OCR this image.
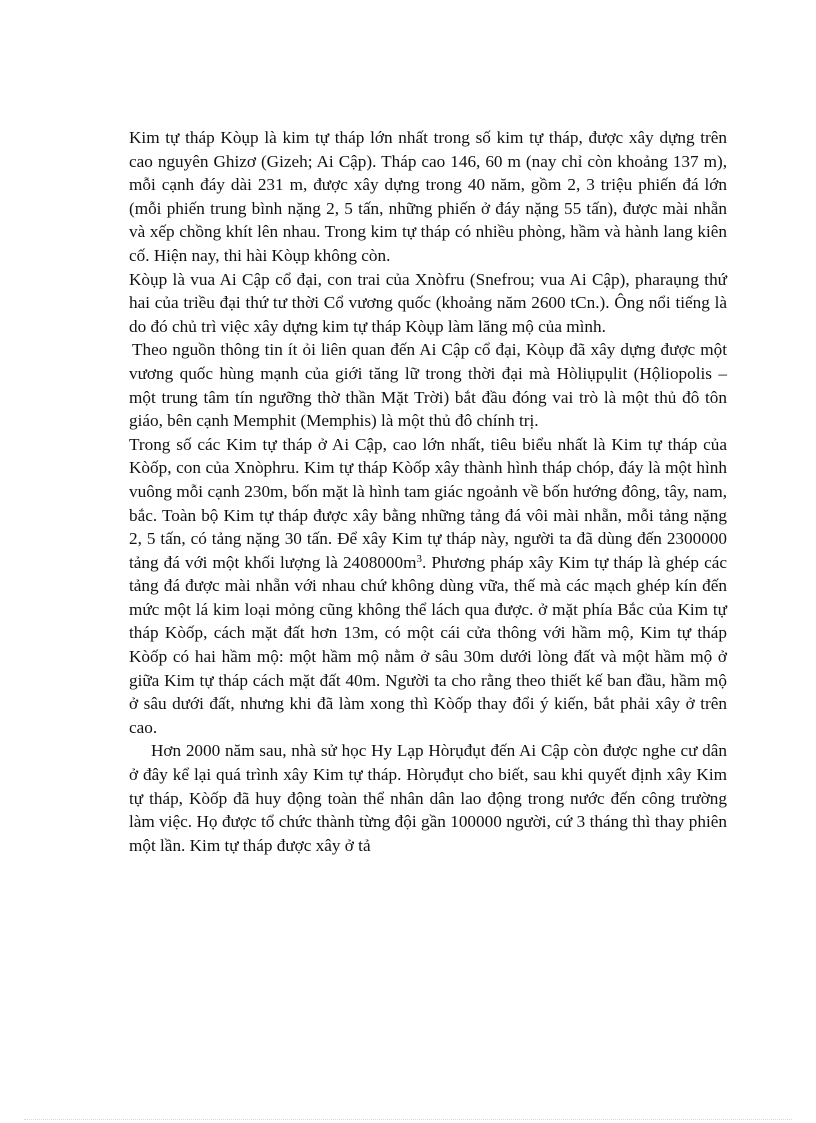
Kim tự tháp Kòụp là kim tự tháp lớn nhất trong số kim tự tháp, được xây dựng trên cao nguyên Ghizơ (Gizeh; Ai Cập). Tháp cao 146, 60 m (nay chỉ còn khoảng 137 m), mỗi cạnh đáy dài 231 m, được xây dựng trong 40 năm, gồm 2, 3 triệu phiến đá lớn (mỗi phiến trung bình nặng 2, 5 tấn, những phiến ở đáy nặng 55 tấn), được mài nhẵn và xếp chồng khít lên nhau. Trong kim tự tháp có nhiều phòng, hầm và hành lang kiên cố. Hiện nay, thi hài Kòụp không còn.

Kòụp là vua Ai Cập cổ đại, con trai của Xnòfru (Snefrou; vua Ai Cập), pharaụng thứ hai của triều đại thứ tư thời Cổ vương quốc (khoảng năm 2600 tCn.). Ông nổi tiếng là do đó chủ trì việc xây dựng kim tự tháp Kòụp làm lăng mộ của mình.

Theo nguồn thông tin ít ỏi liên quan đến Ai Cập cổ đại, Kòụp đã xây dựng được một vương quốc hùng mạnh của giới tăng lữ trong thời đại mà Hòliụpụlit (Hộliopolis – một trung tâm tín ngưỡng thờ thần Mặt Trời) bắt đầu đóng vai trò là một thủ đô tôn giáo, bên cạnh Memphit (Memphis) là một thủ đô chính trị.

Trong số các Kim tự tháp ở Ai Cập, cao lớn nhất, tiêu biểu nhất là Kim tự tháp của Kòốp, con của Xnòphru. Kim tự tháp Kòốp xây thành hình tháp chóp, đáy là một hình vuông mỗi cạnh 230m, bốn mặt là hình tam giác ngoảnh về bốn hướng đông, tây, nam, bắc. Toàn bộ Kim tự tháp được xây bằng những tảng đá vôi mài nhẵn, mỗi tảng nặng 2, 5 tấn, có tảng nặng 30 tấn. Để xây Kim tự tháp này, người ta đã dùng đến 2300000 tảng đá với một khối lượng là $2408000m^3$. Phương pháp xây Kim tự tháp là ghép các tảng đá được mài nhẵn với nhau chứ không dùng vữa, thế mà các mạch ghép kín đến mức một lá kim loại mỏng cũng không thể lách qua được. ở mặt phía Bắc của Kim tự tháp Kòốp, cách mặt đất hơn 13m, có một cái cửa thông với hầm mộ, Kim tự tháp Kòốp có hai hầm mộ: một hầm mộ nằm ở sâu 30m dưới lòng đất và một hầm mộ ở giữa Kim tự tháp cách mặt đất 40m. Người ta cho rằng theo thiết kế ban đầu, hầm mộ ở sâu dưới đất, nhưng khi đã làm xong thì Kòốp thay đổi ý kiến, bắt phải xây ở trên cao.

Hơn 2000 năm sau, nhà sử học Hy Lạp Hòrụđụt đến Ai Cập còn được nghe cư dân ở đây kể lại quá trình xây Kim tự tháp. Hòrụđụt cho biết, sau khi quyết định xây Kim tự tháp, Kòốp đã huy động toàn thể nhân dân lao động trong nước đến công trường làm việc. Họ được tổ chức thành từng đội gần 100000 người, cứ 3 tháng thì thay phiên một lần. Kim tự tháp được xây ở tả
